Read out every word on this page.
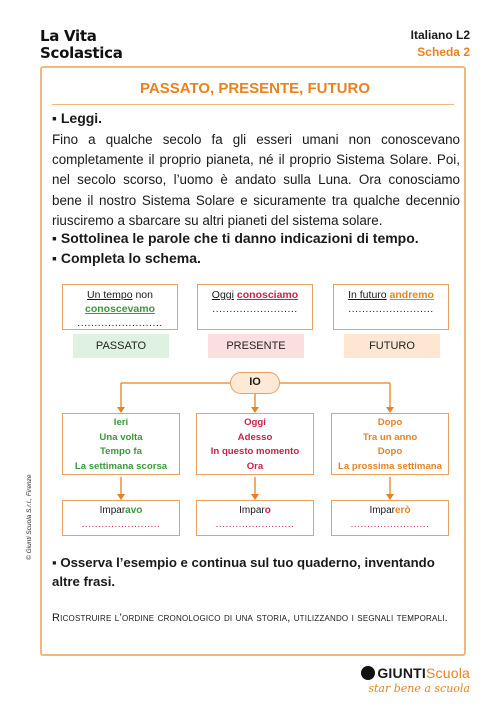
La Vita
Scolastica
Italiano L2
Scheda 2
© Giunti Scuola S.r.l., Firenze
PASSATO, PRESENTE, FUTURO
▪ Leggi.
Fino a qualche secolo fa gli esseri umani non conoscevano completamente il proprio pianeta, né il proprio Sistema Solare. Poi, nel secolo scorso, l’uomo è andato sulla Luna. Ora conosciamo bene il nostro Sistema Solare e sicuramente tra qualche decennio riusciremo a sbarcare su altri pianeti del sistema solare.
▪ Sottolinea le parole che ti danno indicazioni di tempo.
▪ Completa lo schema.
Un tempo non
conoscevamo
.........................
Oggi conosciamo
.........................
In futuro andremo
.........................
PASSATO	PRESENTE	FUTURO
IO
Ieri
Una volta
Tempo fa
La settimana scorsa
Oggi
Adesso
In questo momento
Ora
Dopo
Tra un anno
Dopo
La prossima settimana
Imparavo
........................
Imparo
........................
Imparerò
........................
▪ Osserva l’esempio e continua sul tuo quaderno, inventando altre frasi.
Ricostruire l’ordine cronologico di una storia, utilizzando i segnali temporali.
GIUNTIScuola
star bene a scuola
